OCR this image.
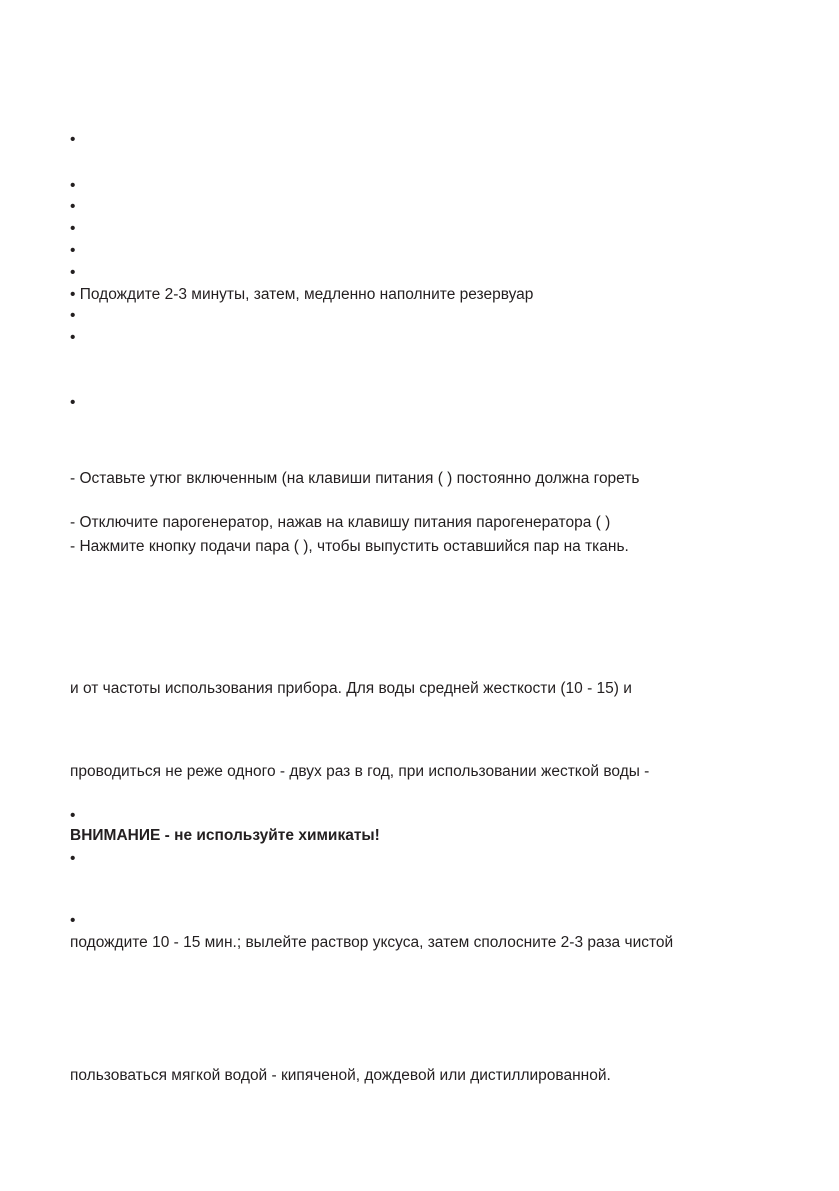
•
•
•
•
•
•
• Подождите 2-3 минуты, затем, медленно наполните резервуар
•
•
•
- Оставьте утюг включенным (на клавиши питания ( ) постоянно должна гореть
- Отключите парогенератор, нажав на клавишу питания парогенератора ( )
- Нажмите кнопку подачи пара ( ), чтобы выпустить оставшийся пар на ткань.
и от частоты использования прибора. Для воды средней жесткости (10 - 15) и
проводиться не реже одного - двух раз в год, при использовании жесткой воды -
•
ВНИМАНИЕ - не используйте химикаты!
•
•
подождите 10 - 15 мин.; вылейте раствор уксуса, затем сполосните 2-3 раза чистой
пользоваться мягкой водой - кипяченой, дождевой или дистиллированной.
